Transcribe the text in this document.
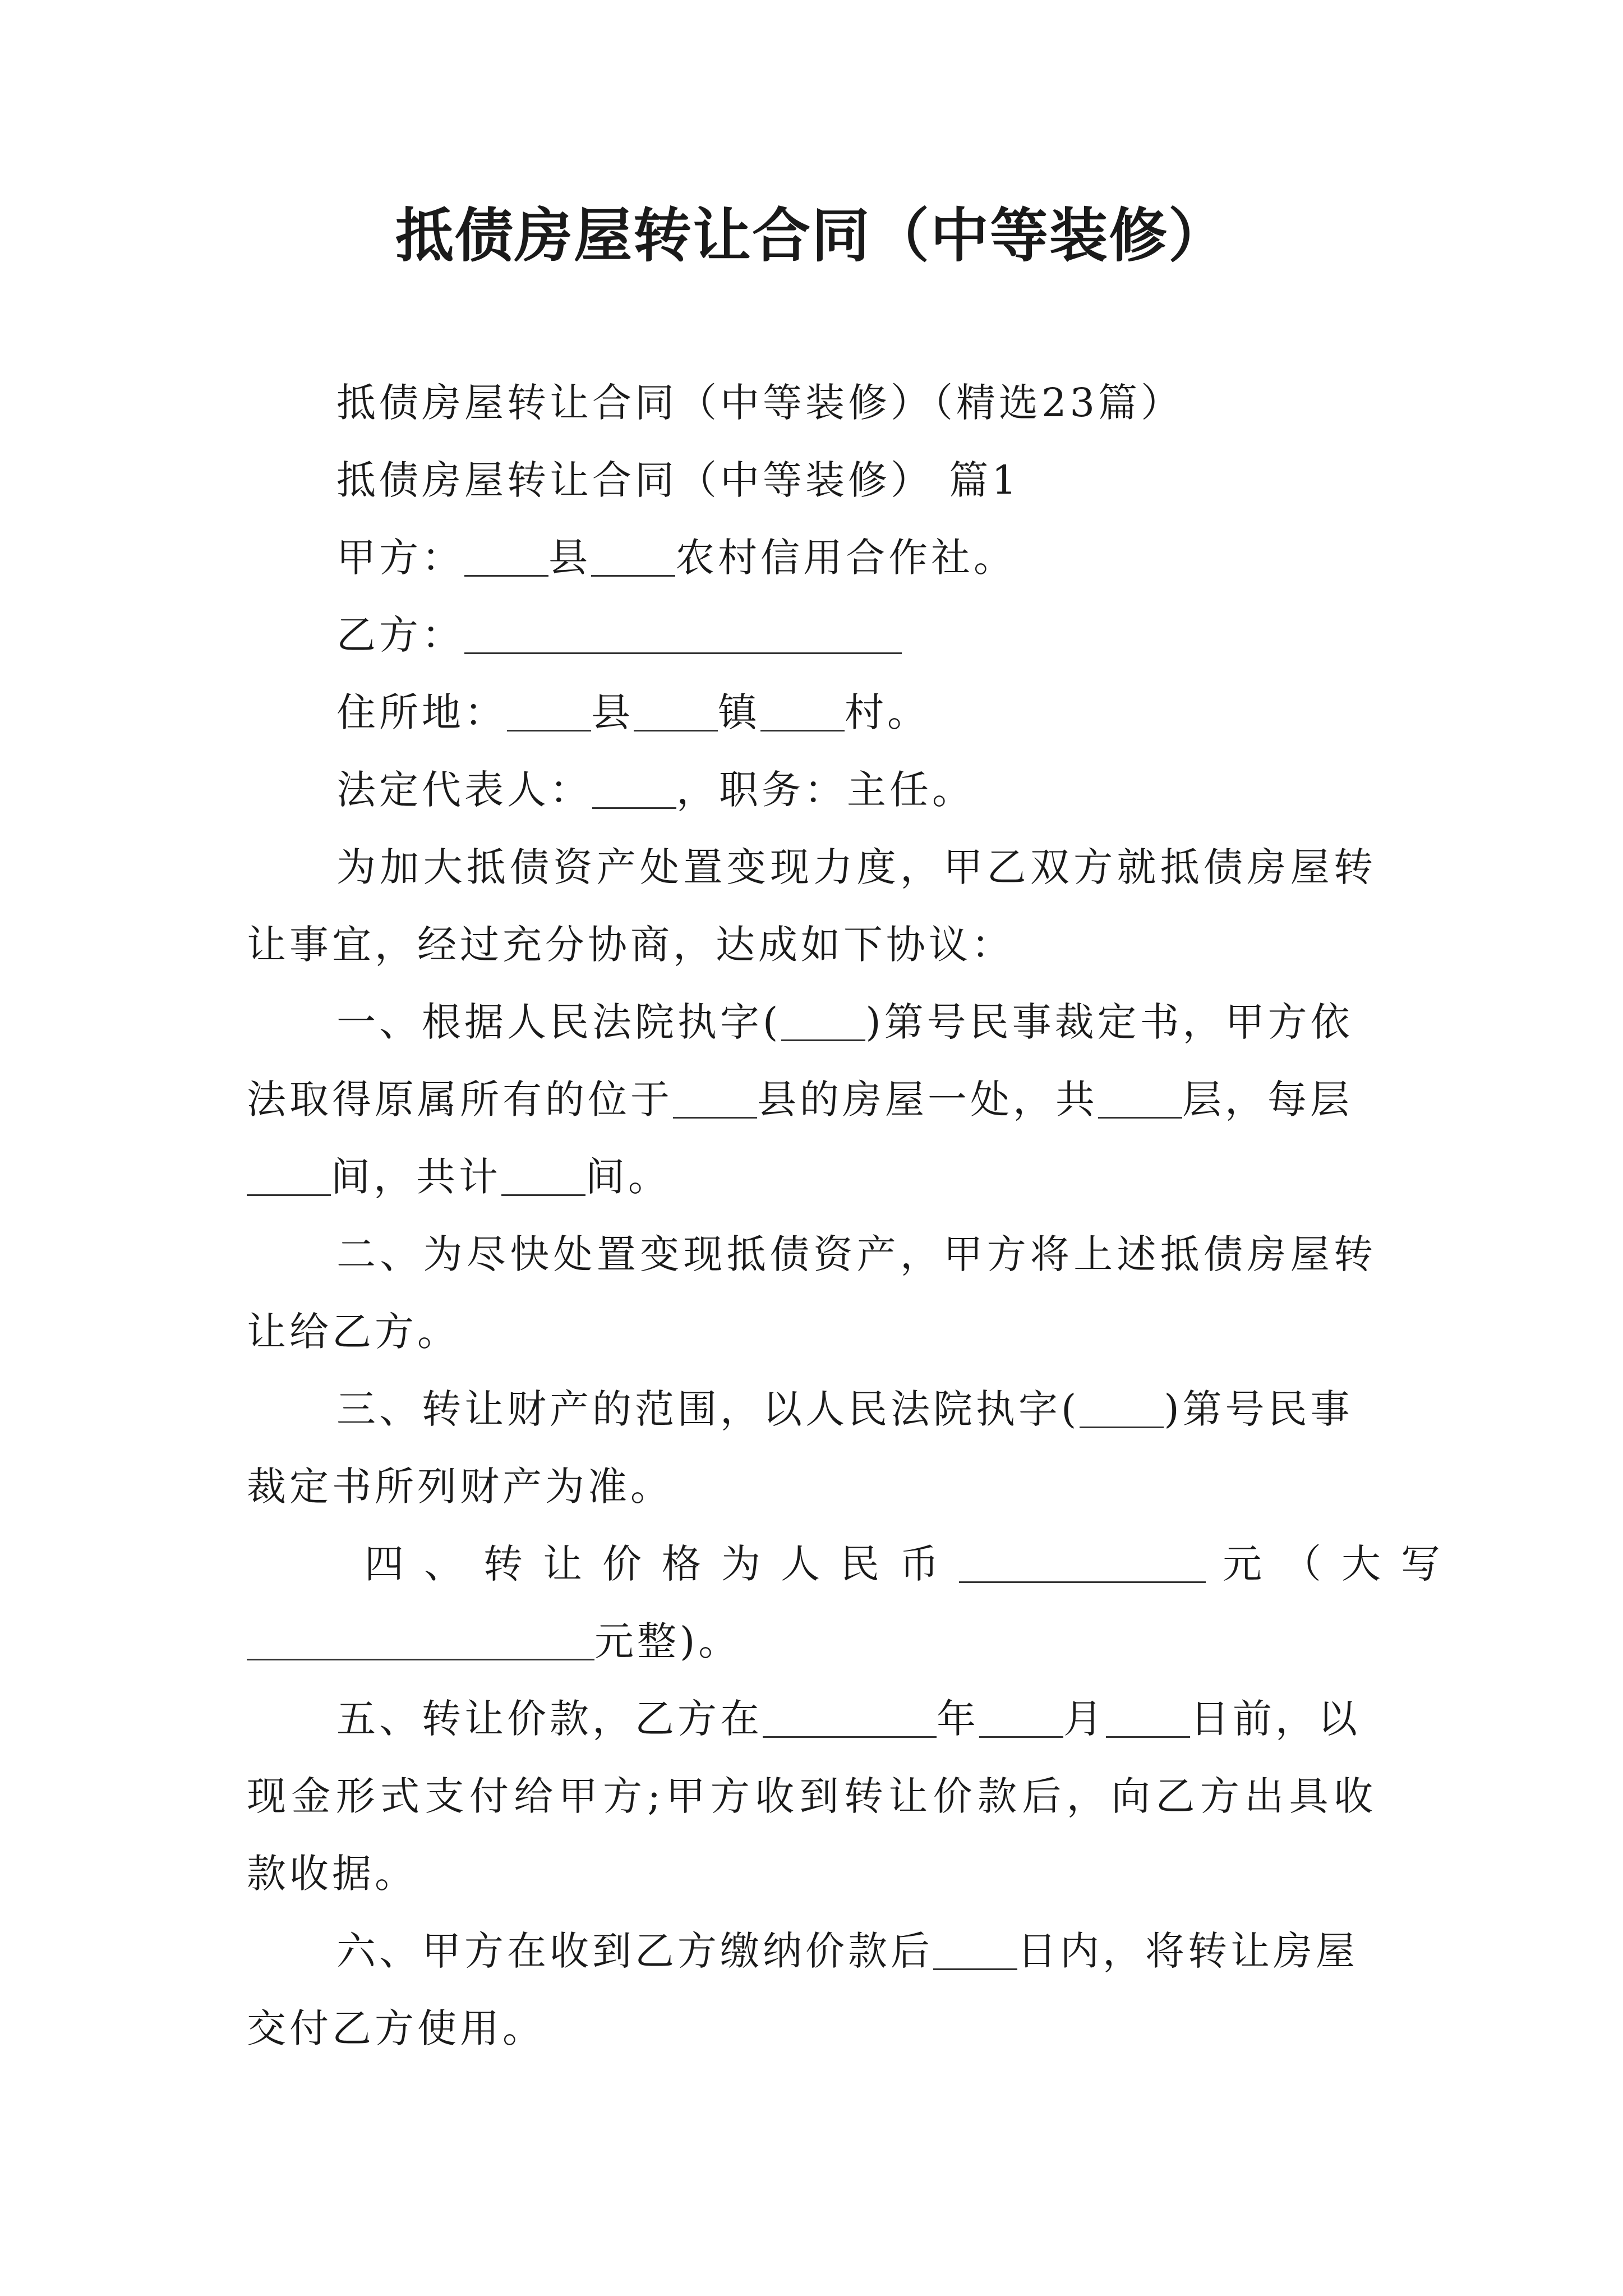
抵债房屋转让合同（中等装修）
抵债房屋转让合同（中等装修）（精选23篇）
抵债房屋转让合同（中等装修） 篇1
甲方： 县 农村信用合作社。
乙方：
住所地： 县 镇 村。
法定代表人： ，职务：主任。
为加大抵债资产处置变现力度，甲乙双方就抵债房屋转
让事宜，经过充分协商，达成如下协议：
一、根据人民法院执字( )第号民事裁定书，甲方依
法取得原属所有的位于 县的房屋一处，共 层，每层
间，共计 间。
二、为尽快处置变现抵债资产，甲方将上述抵债房屋转
让给乙方。
三、转让财产的范围，以人民法院执字( )第号民事
裁定书所列财产为准。
四、转让价格为人民币	元（大写
元整)。
五、转让价款，乙方在	年 月 日前，以
现金形式支付给甲方;甲方收到转让价款后，向乙方出具收
款收据。
六、甲方在收到乙方缴纳价款后 日内，将转让房屋
交付乙方使用。
